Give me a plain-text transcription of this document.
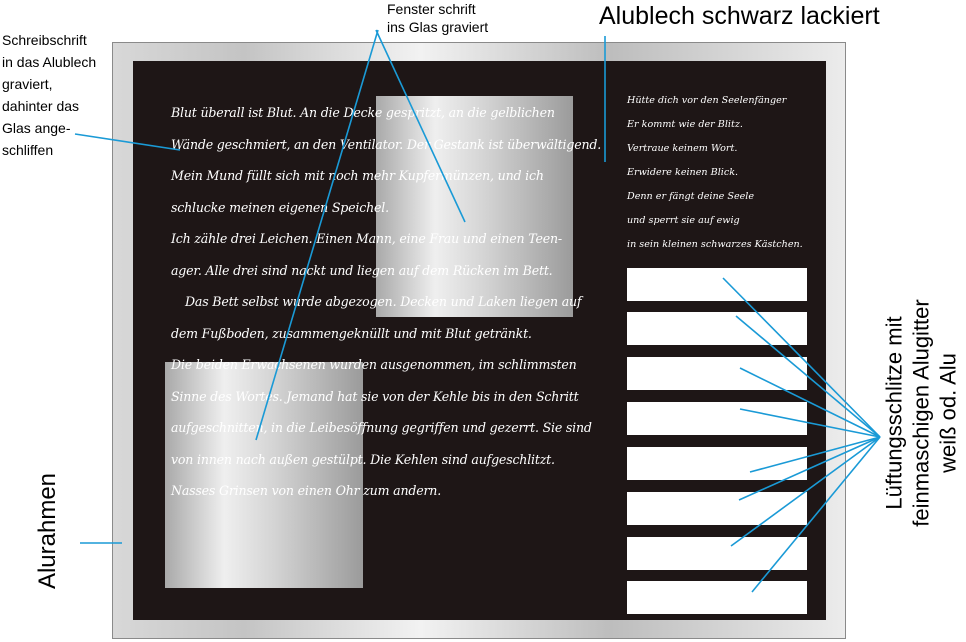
Blut überall ist Blut. An die Decke gespritzt, an die gelblichen
Wände geschmiert, an den Ventilator. Der Gestank ist überwältigend.
Mein Mund füllt sich mit noch mehr Kupfermünzen, und ich
schlucke meinen eigenen Speichel.
Ich zähle drei Leichen. Einen Mann, eine Frau und einen Teen-
ager. Alle drei sind nackt und liegen auf dem Rücken im Bett.
Das Bett selbst wurde abgezogen. Decken und Laken liegen auf
dem Fußboden, zusammengeknüllt und mit Blut getränkt.
Die beiden Erwachsenen wurden ausgenommen, im schlimmsten
Sinne des Wortes. Jemand hat sie von der Kehle bis in den Schritt
aufgeschnitten, in die Leibesöffnung gegriffen und gezerrt. Sie sind
von innen nach außen gestülpt. Die Kehlen sind aufgeschlitzt.
Nasses Grinsen von einen Ohr zum andern.
Hütte dich vor den Seelenfänger
Er kommt wie der Blitz.
Vertraue keinem Wort.
Erwidere keinen Blick.
Denn er fängt deine Seele
und sperrt sie auf ewig
in sein kleinen schwarzes Kästchen.
Schreibschrift
in das Alublech
graviert,
dahinter das
Glas ange-
schliffen
Fenster schrift
ins Glas graviert	Alublech schwarz lackiert
Alurahmen
Lüftungsschlitze mit feinmaschigen Alugitter weiß od. Alu
